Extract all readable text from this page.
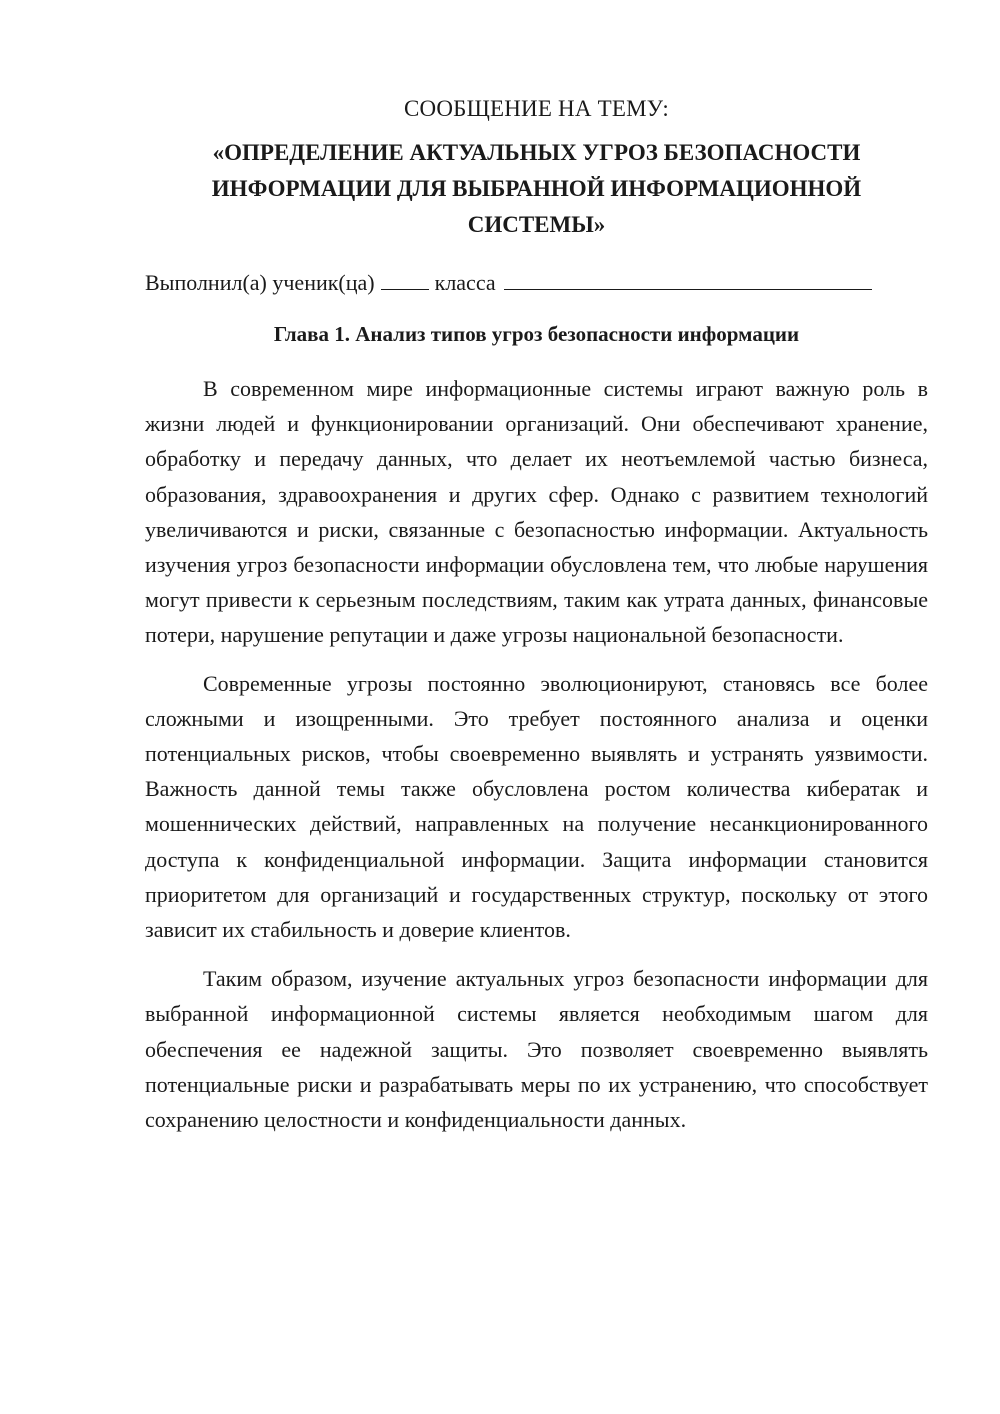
СООБЩЕНИЕ НА ТЕМУ:

«ОПРЕДЕЛЕНИЕ АКТУАЛЬНЫХ УГРОЗ БЕЗОПАСНОСТИ
ИНФОРМАЦИИ ДЛЯ ВЫБРАННОЙ ИНФОРМАЦИОННОЙ
СИСТЕМЫ»

Выполнил(а) ученик(ца)	класса

Глава 1. Анализ типов угроз безопасности информации

В современном мире информационные системы играют важную роль в жизни людей и функционировании организаций. Они обеспечивают хранение, обработку и передачу данных, что делает их неотъемлемой частью бизнеса, образования, здравоохранения и других сфер. Однако с развитием технологий увеличиваются и риски, связанные с безопасностью информации. Актуальность изучения угроз безопасности информации обусловлена тем, что любые нарушения могут привести к серьезным последствиям, таким как утрата данных, финансовые потери, нарушение репутации и даже угрозы национальной безопасности.

Современные угрозы постоянно эволюционируют, становясь все более сложными и изощренными. Это требует постоянного анализа и оценки потенциальных рисков, чтобы своевременно выявлять и устранять уязвимости. Важность данной темы также обусловлена ростом количества кибератак и мошеннических действий, направленных на получение несанкционированного доступа к конфиденциальной информации. Защита информации становится приоритетом для организаций и государственных структур, поскольку от этого зависит их стабильность и доверие клиентов.

Таким образом, изучение актуальных угроз безопасности информации для выбранной информационной системы является необходимым шагом для обеспечения ее надежной защиты. Это позволяет своевременно выявлять потенциальные риски и разрабатывать меры по их устранению, что способствует сохранению целостности и конфиденциальности данных.
